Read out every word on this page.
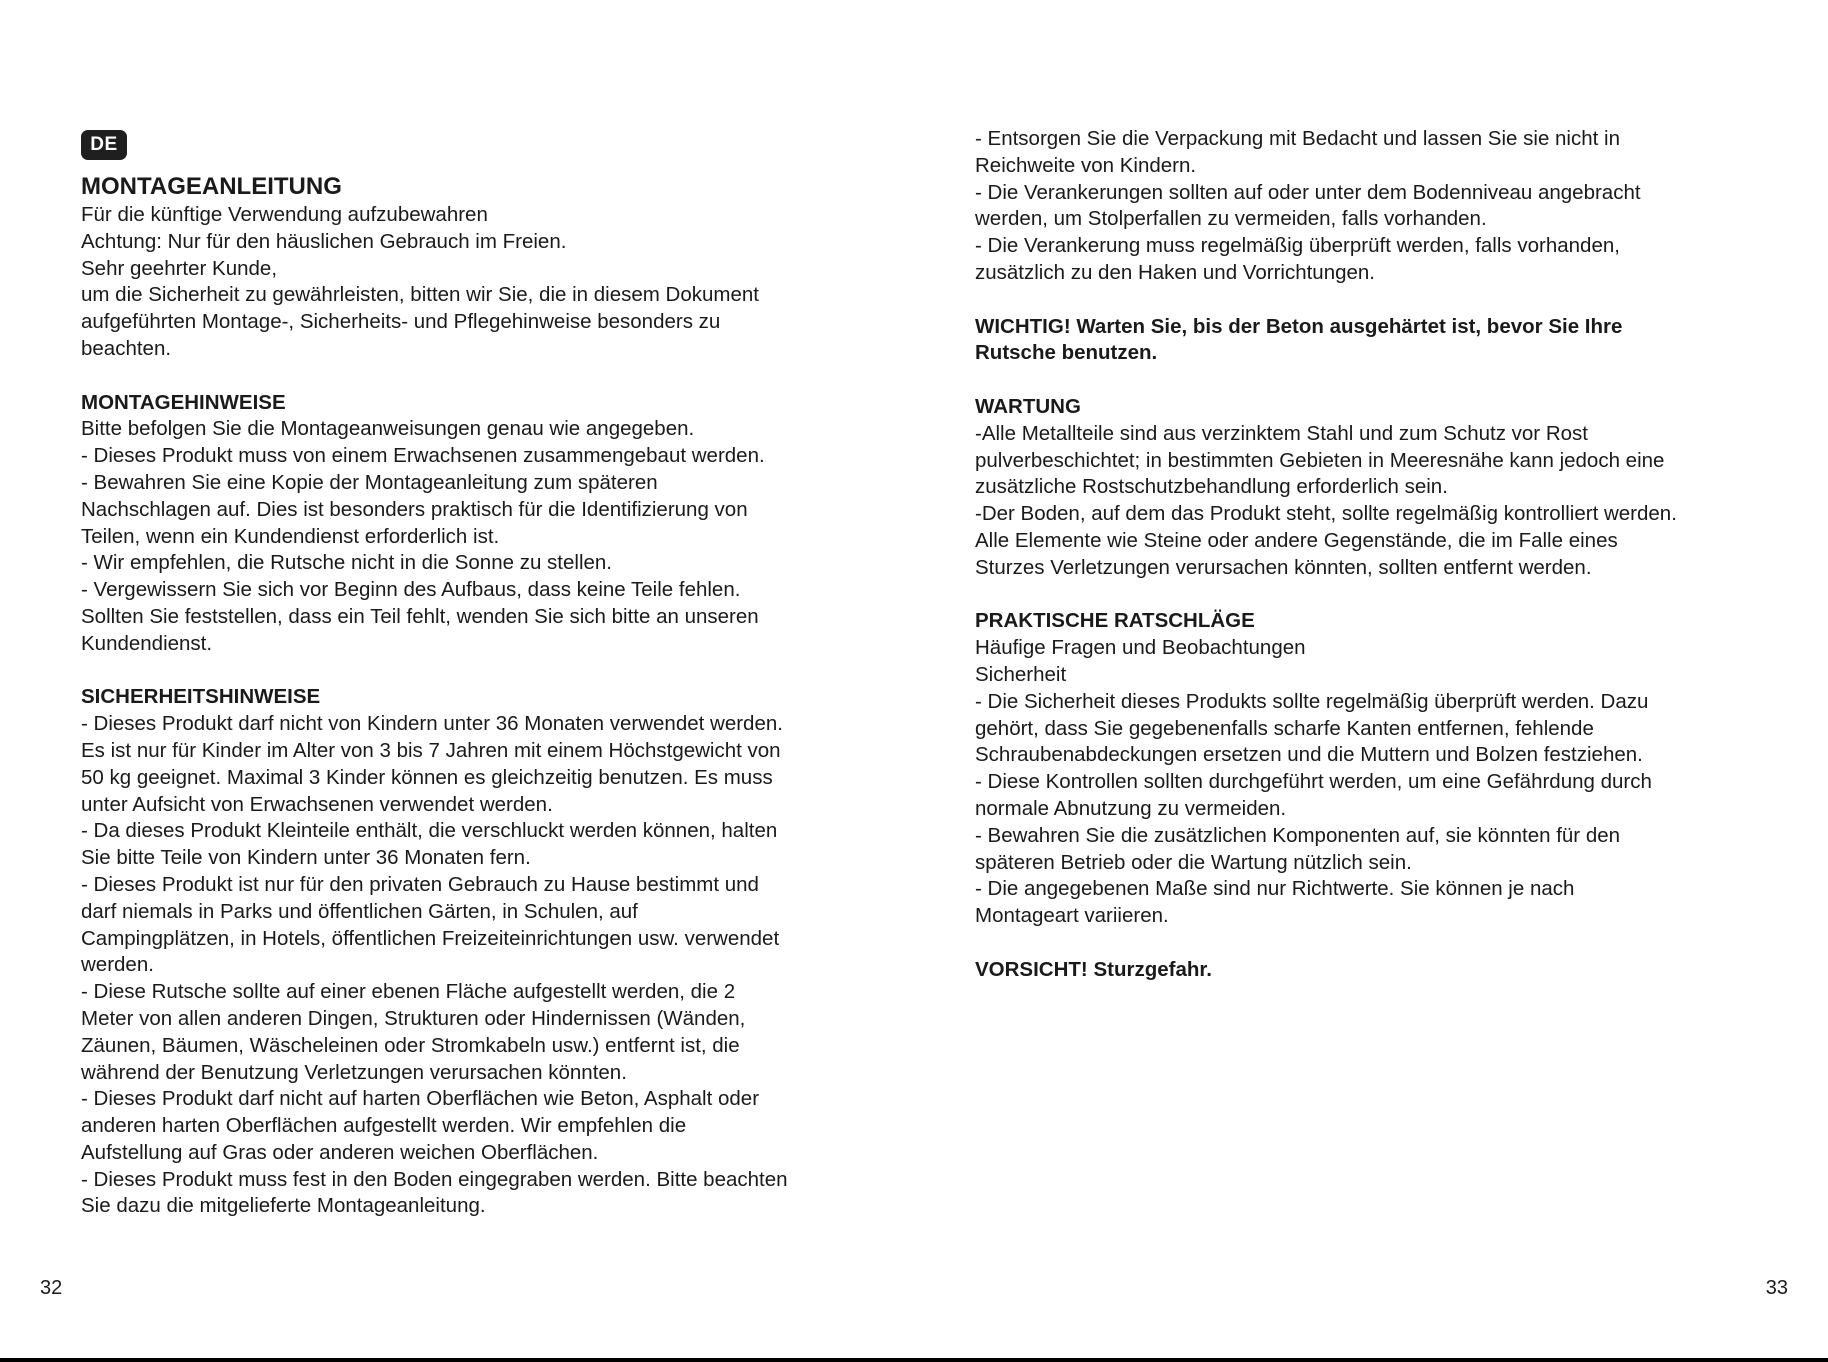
DE

MONTAGEANLEITUNG

Für die künftige Verwendung aufzubewahren

Achtung: Nur für den häuslichen Gebrauch im Freien.

Sehr geehrter Kunde,

um die Sicherheit zu gewährleisten, bitten wir Sie, die in diesem Dokument

aufgeführten Montage-, Sicherheits- und Pflegehinweise besonders zu

beachten.

MONTAGEHINWEISE

Bitte befolgen Sie die Montageanweisungen genau wie angegeben.

- Dieses Produkt muss von einem Erwachsenen zusammengebaut werden.

- Bewahren Sie eine Kopie der Montageanleitung zum späteren

Nachschlagen auf. Dies ist besonders praktisch für die Identifizierung von

Teilen, wenn ein Kundendienst erforderlich ist.

- Wir empfehlen, die Rutsche nicht in die Sonne zu stellen.

- Vergewissern Sie sich vor Beginn des Aufbaus, dass keine Teile fehlen.

Sollten Sie feststellen, dass ein Teil fehlt, wenden Sie sich bitte an unseren

Kundendienst.

SICHERHEITSHINWEISE

- Dieses Produkt darf nicht von Kindern unter 36 Monaten verwendet werden.

Es ist nur für Kinder im Alter von 3 bis 7 Jahren mit einem Höchstgewicht von

50 kg geeignet. Maximal 3 Kinder können es gleichzeitig benutzen. Es muss

unter Aufsicht von Erwachsenen verwendet werden.

- Da dieses Produkt Kleinteile enthält, die verschluckt werden können, halten

Sie bitte Teile von Kindern unter 36 Monaten fern.

- Dieses Produkt ist nur für den privaten Gebrauch zu Hause bestimmt und

darf niemals in Parks und öffentlichen Gärten, in Schulen, auf

Campingplätzen, in Hotels, öffentlichen Freizeiteinrichtungen usw. verwendet

werden.

- Diese Rutsche sollte auf einer ebenen Fläche aufgestellt werden, die 2

Meter von allen anderen Dingen, Strukturen oder Hindernissen (Wänden,

Zäunen, Bäumen, Wäscheleinen oder Stromkabeln usw.) entfernt ist, die

während der Benutzung Verletzungen verursachen könnten.

- Dieses Produkt darf nicht auf harten Oberflächen wie Beton, Asphalt oder

anderen harten Oberflächen aufgestellt werden. Wir empfehlen die

Aufstellung auf Gras oder anderen weichen Oberflächen.

- Dieses Produkt muss fest in den Boden eingegraben werden. Bitte beachten

Sie dazu die mitgelieferte Montageanleitung.

- Entsorgen Sie die Verpackung mit Bedacht und lassen Sie sie nicht in

Reichweite von Kindern.

- Die Verankerungen sollten auf oder unter dem Bodenniveau angebracht

werden, um Stolperfallen zu vermeiden, falls vorhanden.

- Die Verankerung muss regelmäßig überprüft werden, falls vorhanden,

zusätzlich zu den Haken und Vorrichtungen.

WICHTIG! Warten Sie, bis der Beton ausgehärtet ist, bevor Sie Ihre

Rutsche benutzen.

WARTUNG

-Alle Metallteile sind aus verzinktem Stahl und zum Schutz vor Rost

pulverbeschichtet; in bestimmten Gebieten in Meeresnähe kann jedoch eine

zusätzliche Rostschutzbehandlung erforderlich sein.

-Der Boden, auf dem das Produkt steht, sollte regelmäßig kontrolliert werden.

Alle Elemente wie Steine oder andere Gegenstände, die im Falle eines

Sturzes Verletzungen verursachen könnten, sollten entfernt werden.

PRAKTISCHE RATSCHLÄGE

Häufige Fragen und Beobachtungen

Sicherheit

- Die Sicherheit dieses Produkts sollte regelmäßig überprüft werden. Dazu

gehört, dass Sie gegebenenfalls scharfe Kanten entfernen, fehlende

Schraubenabdeckungen ersetzen und die Muttern und Bolzen festziehen.

- Diese Kontrollen sollten durchgeführt werden, um eine Gefährdung durch

normale Abnutzung zu vermeiden.

- Bewahren Sie die zusätzlichen Komponenten auf, sie könnten für den

späteren Betrieb oder die Wartung nützlich sein.

- Die angegebenen Maße sind nur Richtwerte. Sie können je nach

Montageart variieren.

VORSICHT! Sturzgefahr.

32	33
